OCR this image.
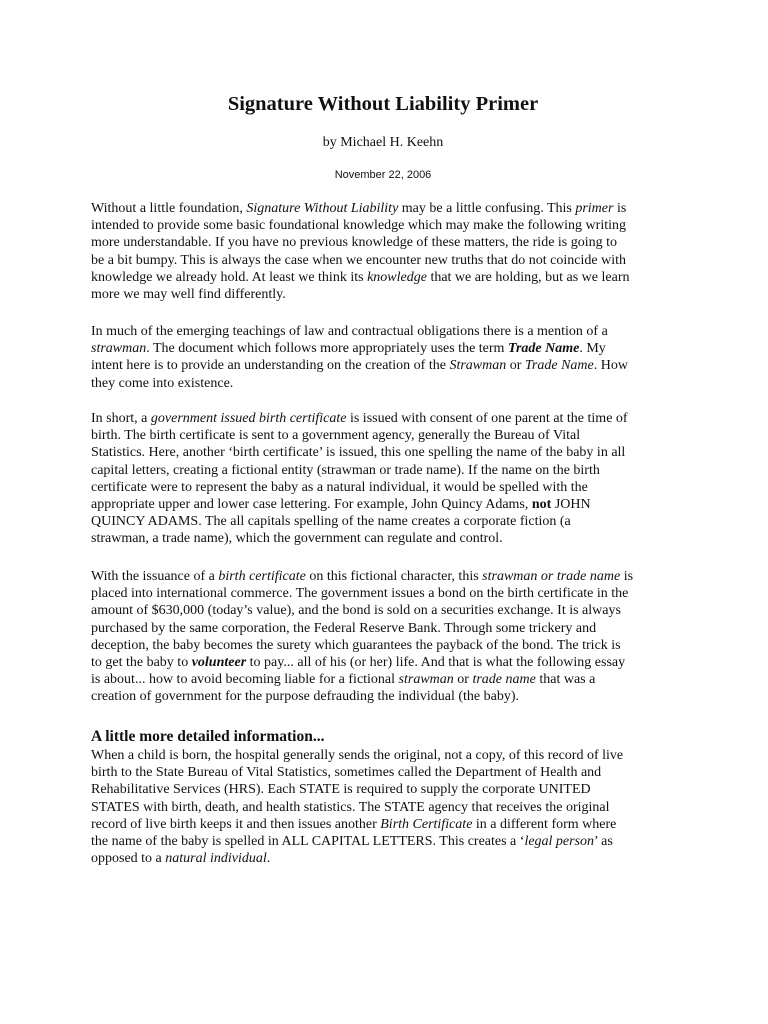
Signature Without Liability Primer

by Michael H. Keehn

November 22, 2006

Without a little foundation, Signature Without Liability may be a little confusing. This primer is
intended to provide some basic foundational knowledge which may make the following writing
more understandable. If you have no previous knowledge of these matters, the ride is going to
be a bit bumpy. This is always the case when we encounter new truths that do not coincide with
knowledge we already hold. At least we think its knowledge that we are holding, but as we learn
more we may well find differently.
In much of the emerging teachings of law and contractual obligations there is a mention of a
strawman. The document which follows more appropriately uses the term Trade Name. My
intent here is to provide an understanding on the creation of the Strawman or Trade Name. How
they come into existence.
In short, a government issued birth certificate is issued with consent of one parent at the time of
birth. The birth certificate is sent to a government agency, generally the Bureau of Vital
Statistics. Here, another ‘birth certificate’ is issued, this one spelling the name of the baby in all
capital letters, creating a fictional entity (strawman or trade name). If the name on the birth
certificate were to represent the baby as a natural individual, it would be spelled with the
appropriate upper and lower case lettering. For example, John Quincy Adams, not JOHN
QUINCY ADAMS. The all capitals spelling of the name creates a corporate fiction (a
strawman, a trade name), which the government can regulate and control.
With the issuance of a birth certificate on this fictional character, this strawman or trade name is
placed into international commerce. The government issues a bond on the birth certificate in the
amount of $630,000 (today’s value), and the bond is sold on a securities exchange. It is always
purchased by the same corporation, the Federal Reserve Bank. Through some trickery and
deception, the baby becomes the surety which guarantees the payback of the bond. The trick is
to get the baby to volunteer to pay... all of his (or her) life. And that is what the following essay
is about... how to avoid becoming liable for a fictional strawman or trade name that was a
creation of government for the purpose defrauding the individual (the baby).
A little more detailed information...
When a child is born, the hospital generally sends the original, not a copy, of this record of live
birth to the State Bureau of Vital Statistics, sometimes called the Department of Health and
Rehabilitative Services (HRS). Each STATE is required to supply the corporate UNITED
STATES with birth, death, and health statistics. The STATE agency that receives the original
record of live birth keeps it and then issues another Birth Certificate in a different form where
the name of the baby is spelled in ALL CAPITAL LETTERS. This creates a ‘legal person’ as
opposed to a natural individual.
